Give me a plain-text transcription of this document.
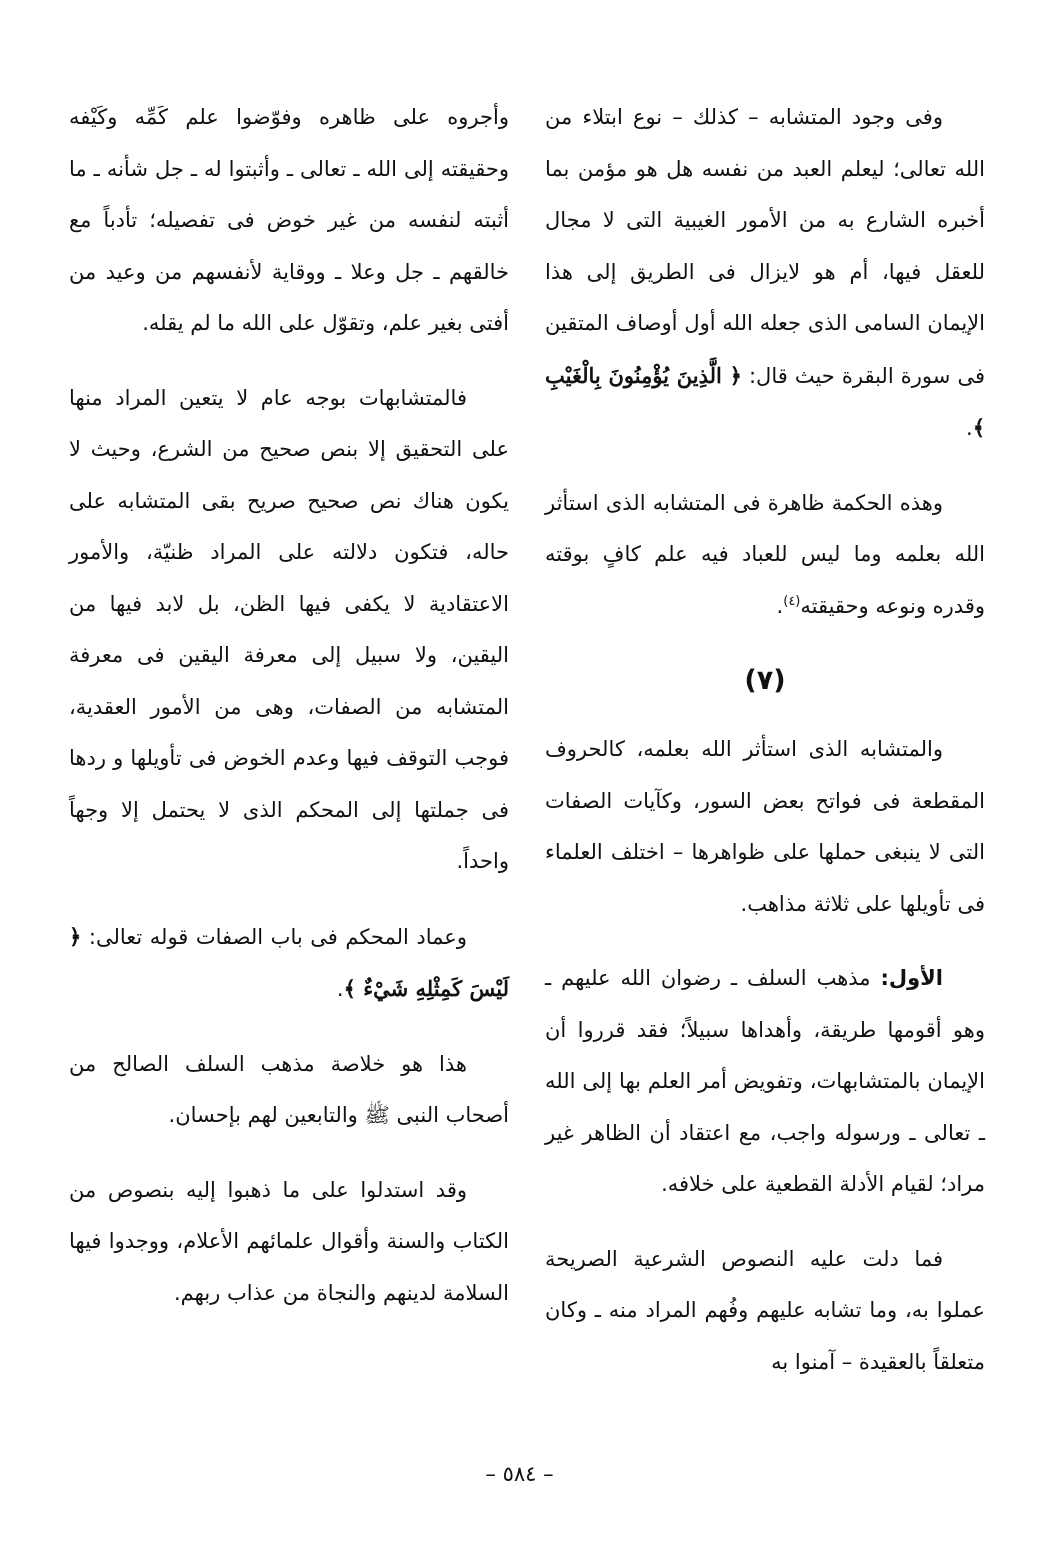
وفى وجود المتشابه – كذلك – نوع ابتلاء من الله تعالى؛ ليعلم العبد من نفسه هل هو مؤمن بما أخبره الشارع به من الأمور الغيبية التى لا مجال للعقل فيها، أم هو لايزال فى الطريق إلى هذا الإيمان السامى الذى جعله الله أول أوصاف المتقين فى سورة البقرة حيث قال: ﴿ الَّذِينَ يُؤْمِنُونَ بِالْغَيْبِ ﴾.

وهذه الحكمة ظاهرة فى المتشابه الذى استأثر الله بعلمه وما ليس للعباد فيه علم كافٍ بوقته وقدره ونوعه وحقيقته$^{(٤)}$.

(٧)

والمتشابه الذى استأثر الله بعلمه، كالحروف المقطعة فى فواتح بعض السور، وكآيات الصفات التى لا ينبغى حملها على ظواهرها – اختلف العلماء فى تأويلها على ثلاثة مذاهب.

الأول: مذهب السلف ـ رضوان الله عليهم ـ وهو أقومها طريقة، وأهداها سبيلاً؛ فقد قرروا أن الإيمان بالمتشابهات، وتفويض أمر العلم بها إلى الله ـ تعالى ـ ورسوله واجب، مع اعتقاد أن الظاهر غير مراد؛ لقيام الأدلة القطعية على خلافه.

فما دلت عليه النصوص الشرعية الصريحة عملوا به، وما تشابه عليهم وفُهم المراد منه ـ وكان متعلقاً بالعقيدة – آمنوا به

وأجروه على ظاهره وفوّضوا علم كَمِّه وكَيْفه وحقيقته إلى الله ـ تعالى ـ وأثبتوا له ـ جل شأنه ـ ما أثبته لنفسه من غير خوض فى تفصيله؛ تأدباً مع خالقهم ـ جل وعلا ـ ووقاية لأنفسهم من وعيد من أفتى بغير علم، وتقوّل على الله ما لم يقله.

فالمتشابهات بوجه عام لا يتعين المراد منها على التحقيق إلا بنص صحيح من الشرع، وحيث لا يكون هناك نص صحيح صريح بقى المتشابه على حاله، فتكون دلالته على المراد ظنيّة، والأمور الاعتقادية لا يكفى فيها الظن، بل لابد فيها من اليقين، ولا سبيل إلى معرفة اليقين فى معرفة المتشابه من الصفات، وهى من الأمور العقدية، فوجب التوقف فيها وعدم الخوض فى تأويلها و ردها فى جملتها إلى المحكم الذى لا يحتمل إلا وجهاً واحداً.

وعماد المحكم فى باب الصفات قوله تعالى: ﴿ لَيْسَ كَمِثْلِهِ شَيْءٌ ﴾.

هذا هو خلاصة مذهب السلف الصالح من أصحاب النبى ﷺ والتابعين لهم بإحسان.

وقد استدلوا على ما ذهبوا إليه بنصوص من الكتاب والسنة وأقوال علمائهم الأعلام، ووجدوا فيها السلامة لدينهم والنجاة من عذاب ربهم.

– ٥٨٤ –
